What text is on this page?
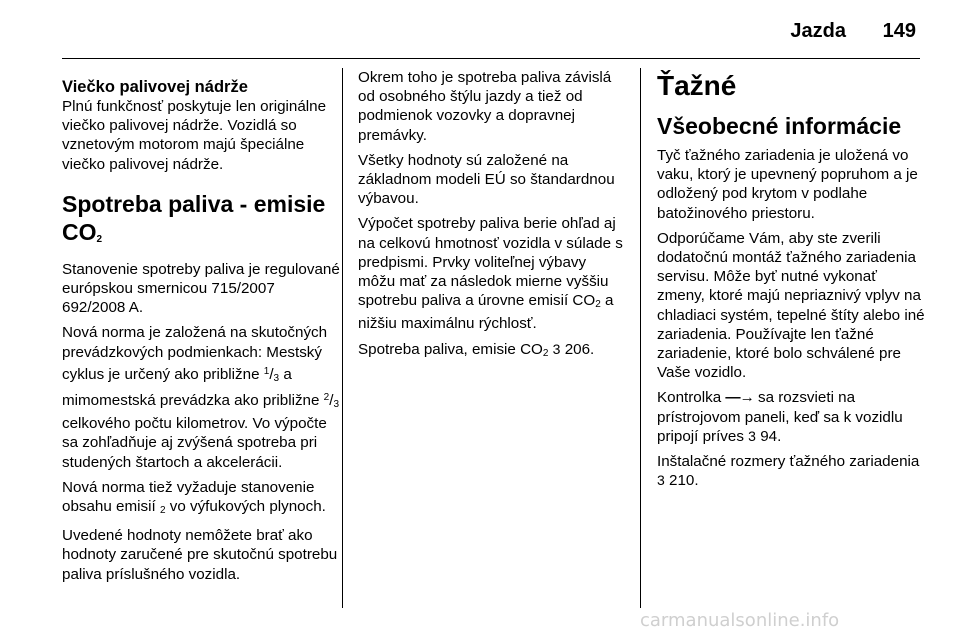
Jazda 149
Viečko palivovej nádrže

Plnú funkčnosť poskytuje len originálne viečko palivovej nádrže. Vozidlá so vznetovým motorom majú špeciálne viečko palivovej nádrže.

Spotreba paliva - emisie $CO_2$

Stanovenie spotreby paliva je regulované európskou smernicou 715/2007 692/2008 A.

Nová norma je založená na skutočných prevádzkových podmienkach: Mestský cyklus je určený ako približne $^1/_3$ a mimomestská prevádzka ako približne $^2/_3$ celkového počtu kilometrov. Vo výpočte sa zohľadňuje aj zvýšená spotreba pri studených štartoch a akcelerácii.

Nová norma tiež vyžaduje stanovenie obsahu emisií $_2$ vo výfukových plynoch.

Uvedené hodnoty nemôžete brať ako hodnoty zaručené pre skutočnú spotrebu paliva príslušného vozidla.

Okrem toho je spotreba paliva závislá od osobného štýlu jazdy a tiež od podmienok vozovky a dopravnej premávky.

Všetky hodnoty sú založené na základnom modeli EÚ so štandardnou výbavou.

Výpočet spotreby paliva berie ohľad aj na celkovú hmotnosť vozidla v súlade s predpismi. Prvky voliteľnej výbavy môžu mať za následok mierne vyššiu spotrebu paliva a úrovne emisií $CO_2$ a nižšiu maximálnu rýchlosť.

Spotreba paliva, emisie $CO_2$ 3 206.

Ťažné
Všeobecné informácie

Tyč ťažného zariadenia je uložená vo vaku, ktorý je upevnený popruhom a je odložený pod krytom v podlahe batožinového priestoru.

Odporúčame Vám, aby ste zverili dodatočnú montáž ťažného zariadenia servisu. Môže byť nutné vykonať zmeny, ktoré majú nepriaznivý vplyv na chladiaci systém, tepelné štíty alebo iné zariadenia. Používajte len ťažné zariadenie, ktoré bolo schválené pre Vaše vozidlo.

Kontrolka —→ sa rozsvieti na prístrojovom paneli, keď sa k vozidlu pripojí príves 3 94.

Inštalačné rozmery ťažného zariadenia 3 210.

carmanualsonline.info
